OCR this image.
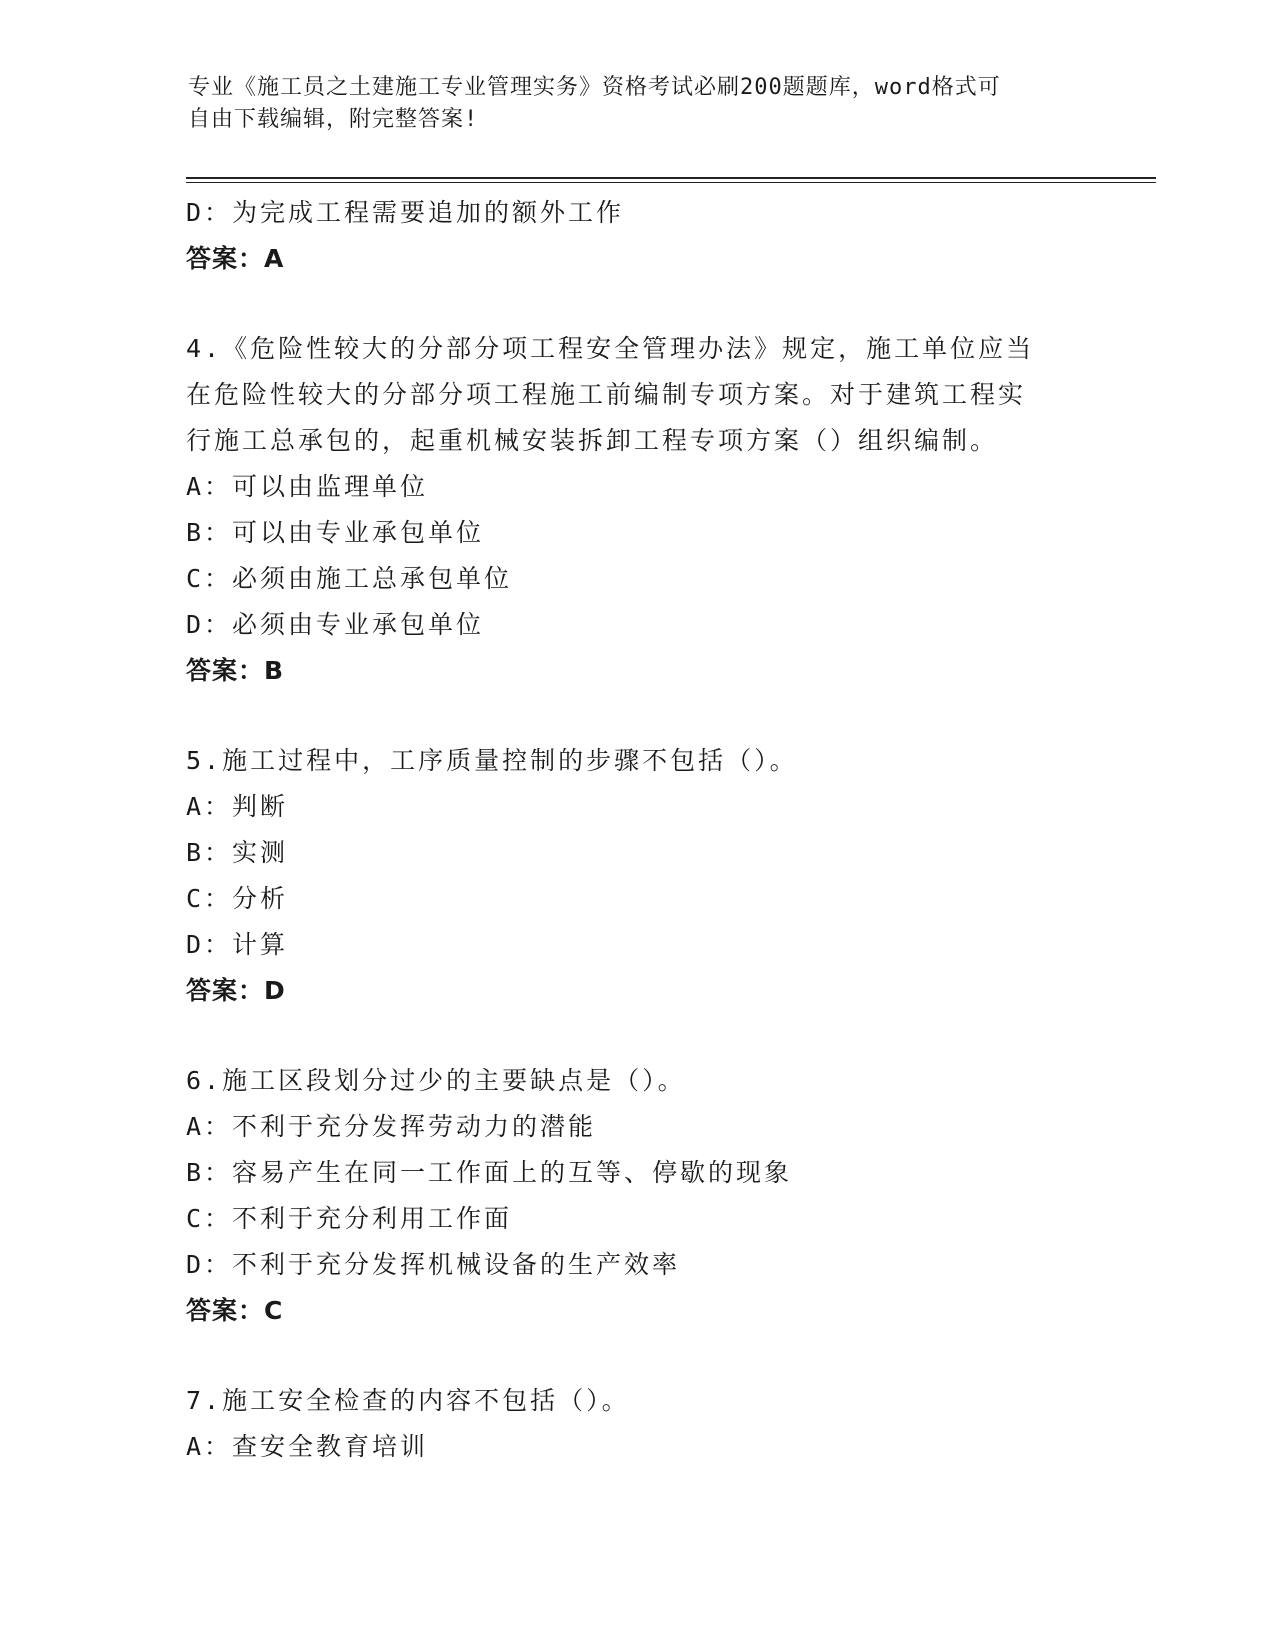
专业《施工员之土建施工专业管理实务》资格考试必刷200题题库，word格式可
自由下载编辑，附完整答案!
D：为完成工程需要追加的额外工作
答案：A
4.《危险性较大的分部分项工程安全管理办法》规定，施工单位应当
在危险性较大的分部分项工程施工前编制专项方案。对于建筑工程实
行施工总承包的，起重机械安装拆卸工程专项方案（）组织编制。
A：可以由监理单位
B：可以由专业承包单位
C：必须由施工总承包单位
D：必须由专业承包单位
答案：B
5.施工过程中，工序质量控制的步骤不包括（）。
A：判断
B：实测
C：分析
D：计算
答案：D
6.施工区段划分过少的主要缺点是（）。
A：不利于充分发挥劳动力的潜能
B：容易产生在同一工作面上的互等、停歇的现象
C：不利于充分利用工作面
D：不利于充分发挥机械设备的生产效率
答案：C
7.施工安全检查的内容不包括（）。
A：查安全教育培训
